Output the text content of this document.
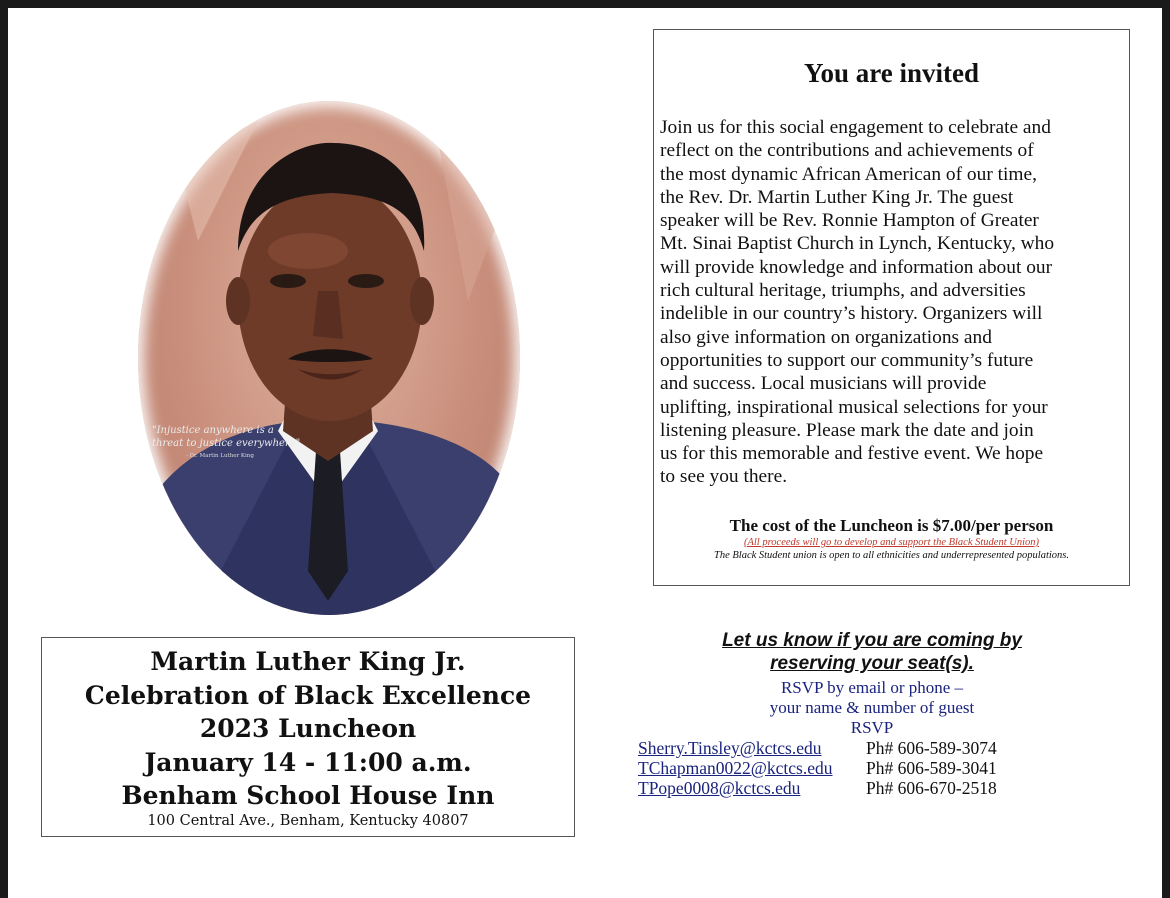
"Injustice anywhere is a
threat to justice everywhere"
- Dr. Martin Luther King
You are invited
Join us for this social engagement to celebrate and
reflect on the contributions and achievements of
the most dynamic African American of our time,
the Rev. Dr. Martin Luther King Jr. The guest
speaker will be Rev. Ronnie Hampton of Greater
Mt. Sinai Baptist Church in Lynch, Kentucky, who
will provide knowledge and information about our
rich cultural heritage, triumphs, and adversities
indelible in our country’s history. Organizers will
also give information on organizations and
opportunities to support our community’s future
and success. Local musicians will provide
uplifting, inspirational musical selections for your
listening pleasure. Please mark the date and join
us for this memorable and festive event. We hope
to see you there.
The cost of the Luncheon is $7.00/per person
(All proceeds will go to develop and support the Black Student Union)
The Black Student union is open to all ethnicities and underrepresented populations.

Martin Luther King Jr.

Celebration of Black Excellence

2023 Luncheon

January 14 - 11:00 a.m.

Benham School House Inn

100 Central Ave., Benham, Kentucky 40807
Let us know if you are coming by
reserving your seat(s).
RSVP by email or phone –
your name & number of guest
RSVP
Sherry.Tinsley@kctcs.edu	Ph# 606-589-3074
TChapman0022@kctcs.edu Ph# 606-589-3041
TPope0008@kctcs.edu	Ph# 606-670-2518
